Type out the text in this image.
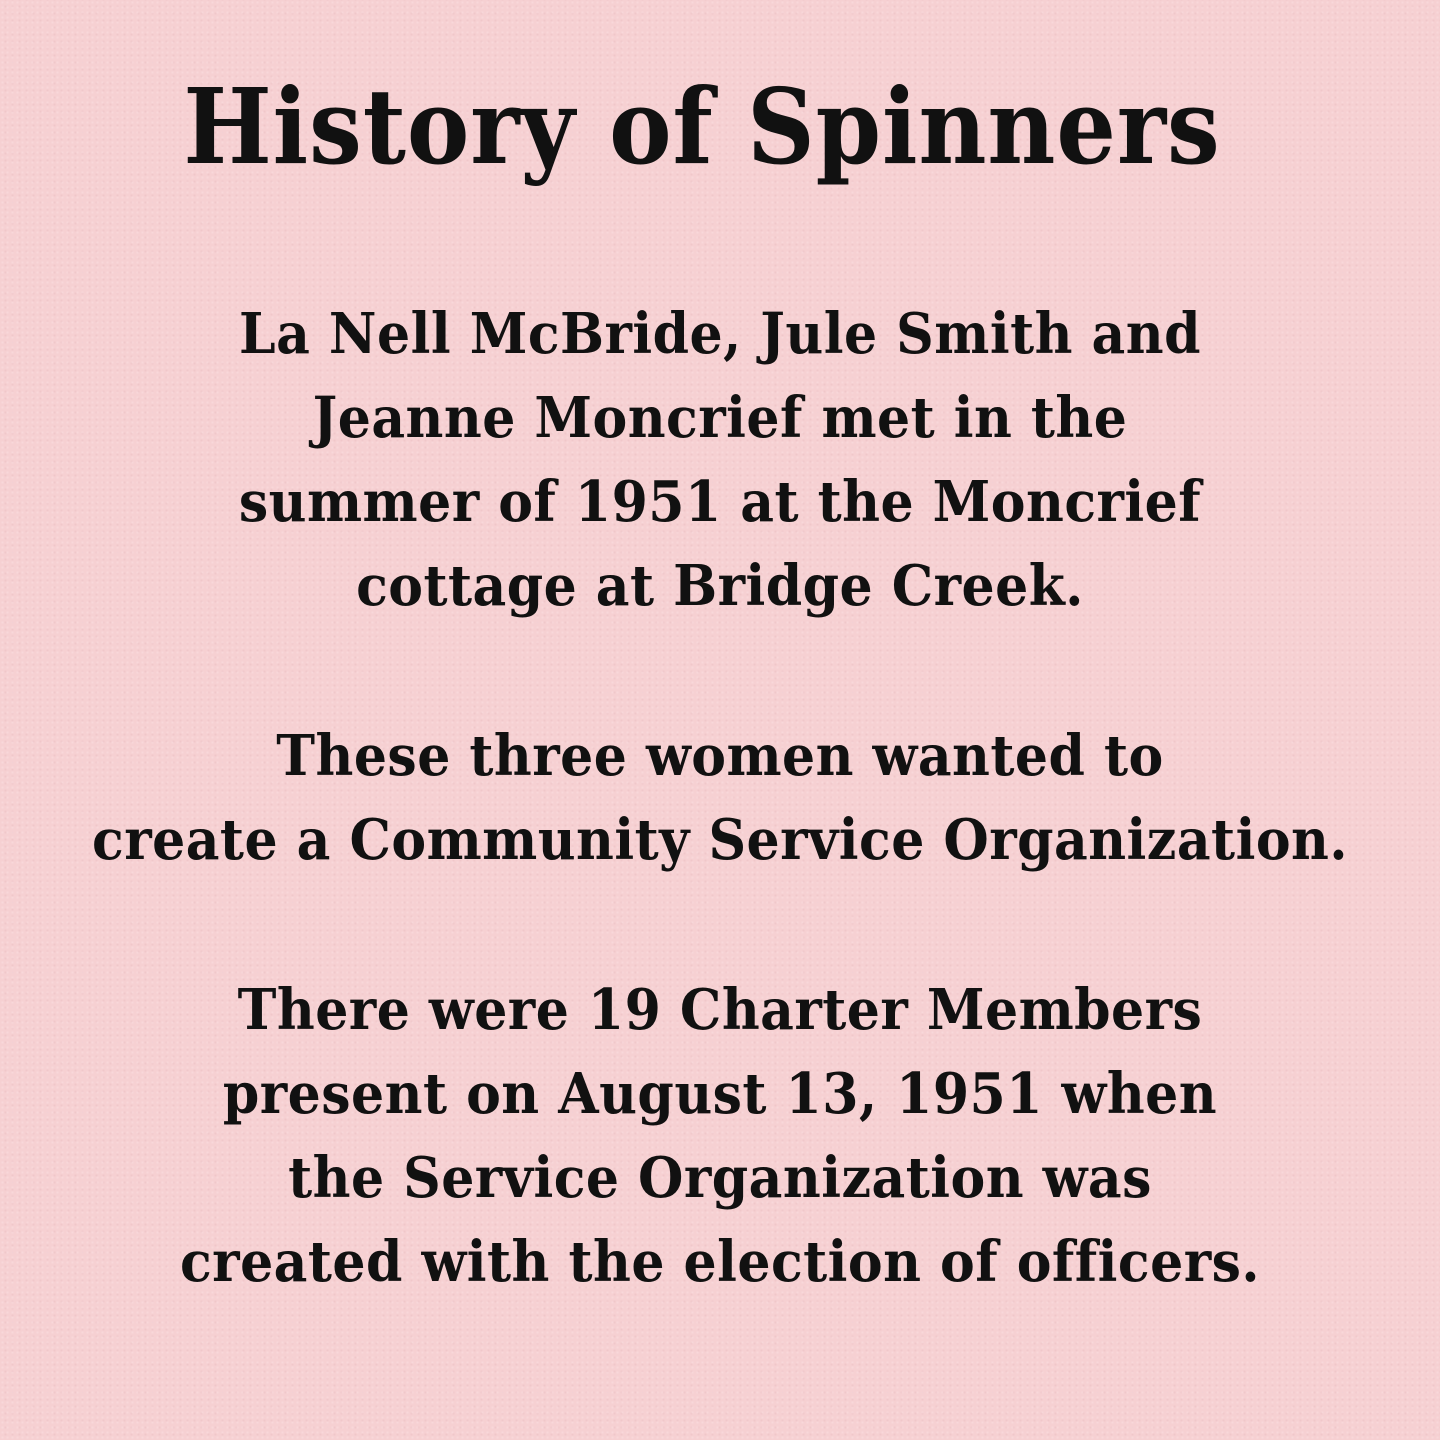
History of Spinners

La Nell McBride, Jule Smith and
Jeanne Moncrief met in the
summer of 1951 at the Moncrief
cottage at Bridge Creek.

These three women wanted to
create a Community Service Organization.

There were 19 Charter Members
present on August 13, 1951 when
the Service Organization was
created with the election of officers.
